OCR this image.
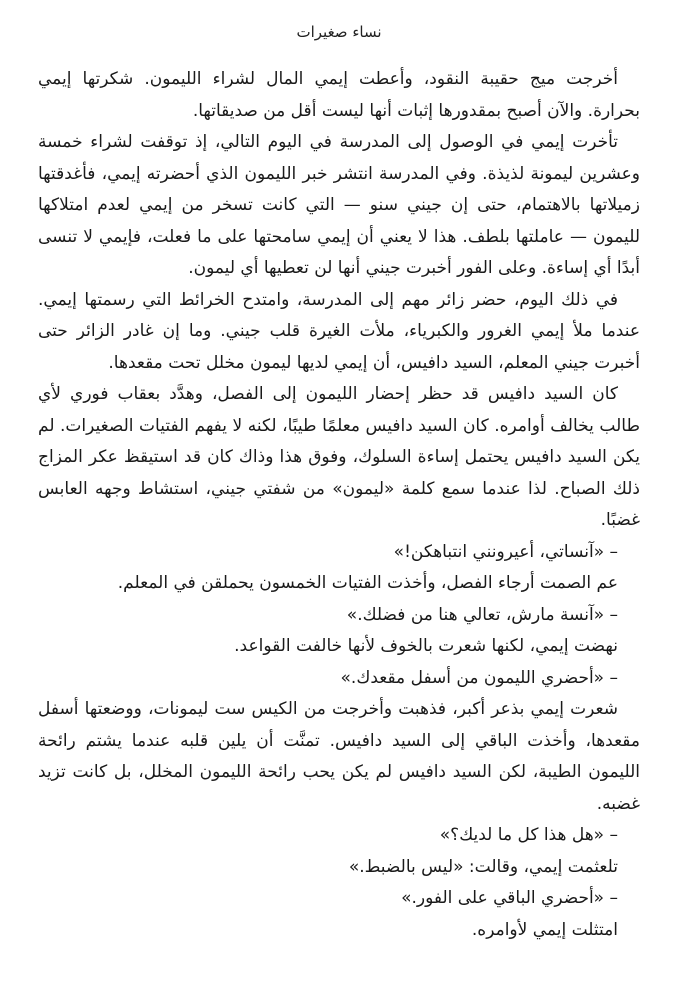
نساء صغيرات

أخرجت ميج حقيبة النقود، وأعطت إيمي المال لشراء الليمون. شكرتها إيمي بحرارة. والآن أصبح بمقدورها إثبات أنها ليست أقل من صديقاتها.

تأخرت إيمي في الوصول إلى المدرسة في اليوم التالي، إذ توقفت لشراء خمسة وعشرين ليمونة لذيذة. وفي المدرسة انتشر خبر الليمون الذي أحضرته إيمي، فأغدقتها زميلاتها بالاهتمام، حتى إن جيني سنو — التي كانت تسخر من إيمي لعدم امتلاكها لليمون — عاملتها بلطف. هذا لا يعني أن إيمي سامحتها على ما فعلت، فإيمي لا تنسى أبدًا أي إساءة. وعلى الفور أخبرت جيني أنها لن تعطيها أي ليمون.

في ذلك اليوم، حضر زائر مهم إلى المدرسة، وامتدح الخرائط التي رسمتها إيمي. عندما ملأ إيمي الغرور والكبرياء، ملأت الغيرة قلب جيني. وما إن غادر الزائر حتى أخبرت جيني المعلم، السيد دافيس، أن إيمي لديها ليمون مخلل تحت مقعدها.

كان السيد دافيس قد حظر إحضار الليمون إلى الفصل، وهدَّد بعقاب فوري لأي طالب يخالف أوامره. كان السيد دافيس معلمًا طيبًا، لكنه لا يفهم الفتيات الصغيرات. لم يكن السيد دافيس يحتمل إساءة السلوك، وفوق هذا وذاك كان قد استيقظ عكر المزاج ذلك الصباح. لذا عندما سمع كلمة «ليمون» من شفتي جيني، استشاط وجهه العابس غضبًا.

– «آنساتي، أعيرونني انتباهكن!»

عم الصمت أرجاء الفصل، وأخذت الفتيات الخمسون يحملقن في المعلم.

– «آنسة مارش، تعالي هنا من فضلك.»

نهضت إيمي، لكنها شعرت بالخوف لأنها خالفت القواعد.

– «أحضري الليمون من أسفل مقعدك.»

شعرت إيمي بذعر أكبر، فذهبت وأخرجت من الكيس ست ليمونات، ووضعتها أسفل مقعدها، وأخذت الباقي إلى السيد دافيس. تمنَّت أن يلين قلبه عندما يشتم رائحة الليمون الطيبة، لكن السيد دافيس لم يكن يحب رائحة الليمون المخلل، بل كانت تزيد غضبه.

– «هل هذا كل ما لديك؟»

تلعثمت إيمي، وقالت: «ليس بالضبط.»

– «أحضري الباقي على الفور.»

امتثلت إيمي لأوامره.
